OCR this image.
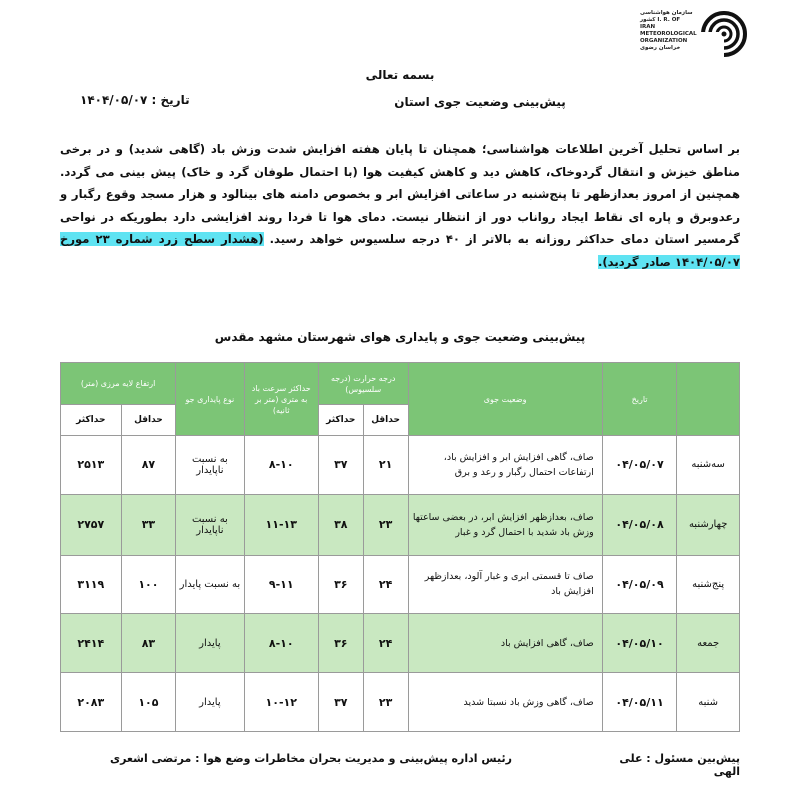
سازمان هواشناسی کشور I. R. OF IRAN METEOROLOGICAL ORGANIZATION خراسان رضوی
بسمه تعالی
پیش‌بینی وضعیت جوی استان
تاریخ : ۱۴۰۴/۰۵/۰۷
بر اساس تحلیل آخرین اطلاعات هواشناسی؛ همچنان تا پایان هفته افزایش شدت وزش باد (گاهی شدید) و در برخی مناطق خیزش و انتقال گردوخاک، کاهش دید و کاهش کیفیت هوا (با احتمال طوفان گرد و خاک) پیش بینی می گردد. همچنین از امروز بعدازظهر تا پنج‌شنبه در ساعاتی افزایش ابر و بخصوص دامنه های بینالود و هزار مسجد وقوع رگبار و رعدوبرق و پاره ای نقاط ایجاد رواناب دور از انتظار نیست. دمای هوا تا فردا روند افزایشی دارد بطوریکه در نواحی گرمسیر استان دمای حداکثر روزانه به بالاتر از ۴۰ درجه سلسیوس خواهد رسید. (هشدار سطح زرد شماره ۲۳ مورخ ۱۴۰۴/۰۵/۰۷ صادر گردید).
پیش‌بینی وضعیت جوی و پایداری هوای شهرستان مشهد مقدس
	تاریخ	وضعیت جوی	درجه حرارت (درجه سلسیوس)		حداکثر سرعت باد به متری (متر بر ثانیه)	نوع پایداری جو	ارتفاع لایه مرزی (متر)	
			حداقل	حداکثر			حداقل	حداکثر
سه‌شنبه	۰۴/۰۵/۰۷	صاف، گاهی افزایش ابر و افزایش باد، ارتفاعات احتمال رگبار و رعد و برق	۲۱	۳۷	۸-۱۰	به نسبت ناپایدار	۸۷	۲۵۱۳
چهارشنبه	۰۴/۰۵/۰۸	صاف، بعدازظهر افزایش ابر، در بعضی ساعتها وزش باد شدید با احتمال گرد و غبار	۲۳	۳۸	۱۱-۱۳	به نسبت ناپایدار	۳۳	۲۷۵۷
پنج‌شنبه	۰۴/۰۵/۰۹	صاف تا قسمتی ابری و غبار آلود، بعدازظهر افزایش باد	۲۴	۳۶	۹-۱۱	به نسبت پایدار	۱۰۰	۳۱۱۹
جمعه	۰۴/۰۵/۱۰	صاف، گاهی افزایش باد	۲۴	۳۶	۸-۱۰	پایدار	۸۳	۲۴۱۴
شنبه	۰۴/۰۵/۱۱	صاف، گاهی وزش باد نسبتا شدید	۲۳	۳۷	۱۰-۱۲	پایدار	۱۰۵	۲۰۸۳
پیش‌بین مسئول : علی الهی
رئیس اداره پیش‌بینی و مدیریت بحران مخاطرات وضع هوا : مرتضی اشعری
